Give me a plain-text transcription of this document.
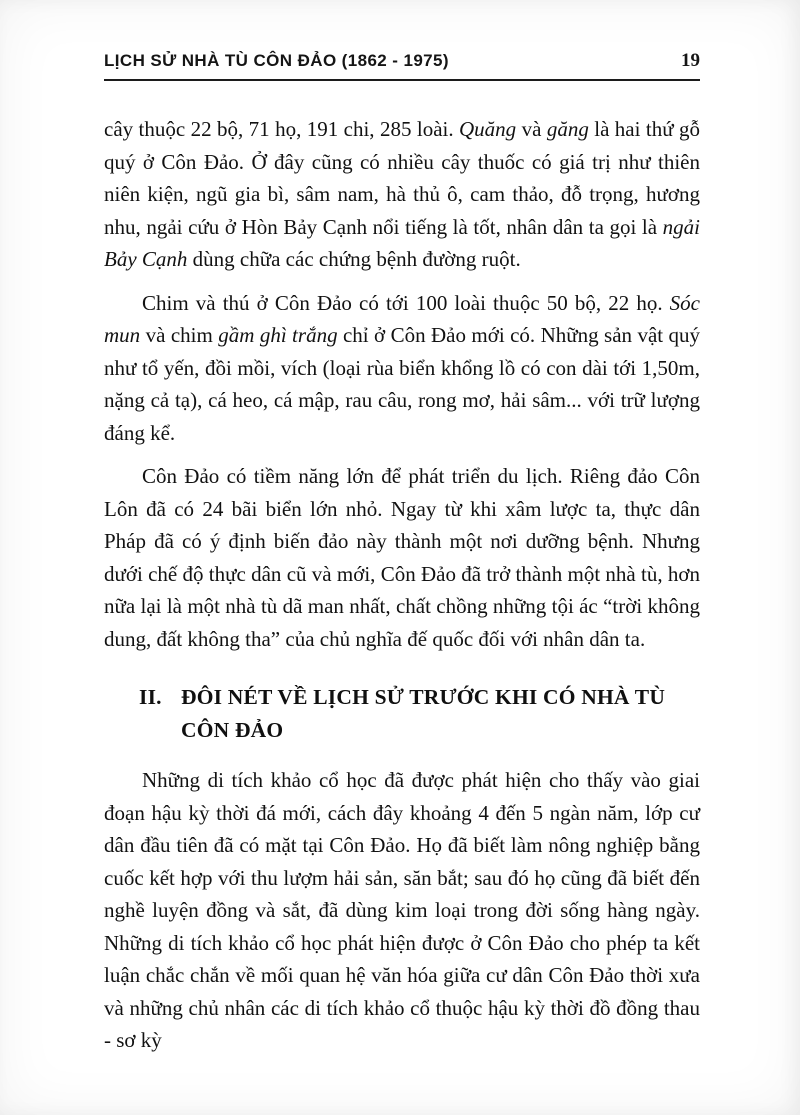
LỊCH SỬ NHÀ TÙ CÔN ĐẢO (1862 - 1975)	19

cây thuộc 22 bộ, 71 họ, 191 chi, 285 loài. Quăng và găng là hai thứ gỗ quý ở Côn Đảo. Ở đây cũng có nhiều cây thuốc có giá trị như thiên niên kiện, ngũ gia bì, sâm nam, hà thủ ô, cam thảo, đỗ trọng, hương nhu, ngải cứu ở Hòn Bảy Cạnh nổi tiếng là tốt, nhân dân ta gọi là ngải Bảy Cạnh dùng chữa các chứng bệnh đường ruột.

Chim và thú ở Côn Đảo có tới 100 loài thuộc 50 bộ, 22 họ. Sóc mun và chim gầm ghì trắng chỉ ở Côn Đảo mới có. Những sản vật quý như tổ yến, đồi mồi, vích (loại rùa biển khổng lồ có con dài tới 1,50m, nặng cả tạ), cá heo, cá mập, rau câu, rong mơ, hải sâm... với trữ lượng đáng kể.

Côn Đảo có tiềm năng lớn để phát triển du lịch. Riêng đảo Côn Lôn đã có 24 bãi biển lớn nhỏ. Ngay từ khi xâm lược ta, thực dân Pháp đã có ý định biến đảo này thành một nơi dưỡng bệnh. Nhưng dưới chế độ thực dân cũ và mới, Côn Đảo đã trở thành một nhà tù, hơn nữa lại là một nhà tù dã man nhất, chất chồng những tội ác “trời không dung, đất không tha” của chủ nghĩa đế quốc đối với nhân dân ta.

II. ĐÔI NÉT VỀ LỊCH SỬ TRƯỚC KHI CÓ NHÀ TÙ CÔN ĐẢO

Những di tích khảo cổ học đã được phát hiện cho thấy vào giai đoạn hậu kỳ thời đá mới, cách đây khoảng 4 đến 5 ngàn năm, lớp cư dân đầu tiên đã có mặt tại Côn Đảo. Họ đã biết làm nông nghiệp bằng cuốc kết hợp với thu lượm hải sản, săn bắt; sau đó họ cũng đã biết đến nghề luyện đồng và sắt, đã dùng kim loại trong đời sống hàng ngày. Những di tích khảo cổ học phát hiện được ở Côn Đảo cho phép ta kết luận chắc chắn về mối quan hệ văn hóa giữa cư dân Côn Đảo thời xưa và những chủ nhân các di tích khảo cổ thuộc hậu kỳ thời đồ đồng thau - sơ kỳ
